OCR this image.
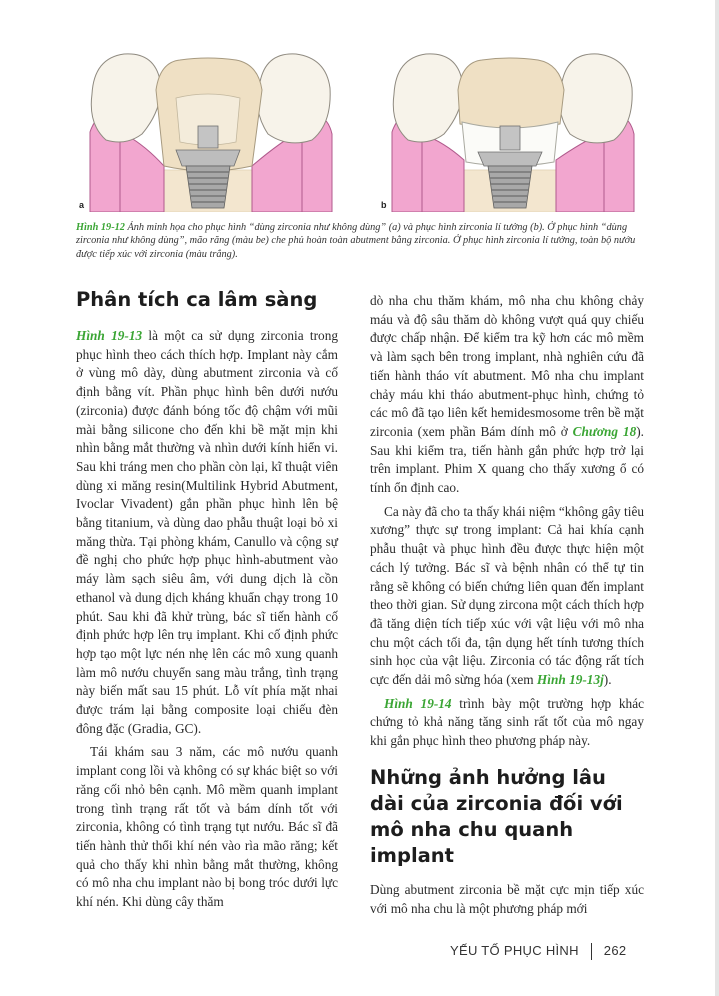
a	b

Hình 19-12 Ảnh minh họa cho phục hình “dùng zirconia như không dùng” (a) và phục hình zirconia lí tưởng (b). Ở phục hình “dùng zirconia như không dùng”, mão răng (màu be) che phủ hoàn toàn abutment bằng zirconia. Ở phục hình zirconia lí tưởng, toàn bộ nướu được tiếp xúc với zirconia (màu trắng).

Phân tích ca lâm sàng

Hình 19-13 là một ca sử dụng zirconia trong phục hình theo cách thích hợp. Implant này cắm ở vùng mô dày, dùng abutment zirconia và cố định bằng vít. Phần phục hình bên dưới nướu (zirconia) được đánh bóng tốc độ chậm với mũi mài bằng silicone cho đến khi bề mặt mịn khi nhìn bằng mắt thường và nhìn dưới kính hiển vi. Sau khi tráng men cho phần còn lại, kĩ thuật viên dùng xi măng resin(Multilink Hybrid Abutment, Ivoclar Vivadent) gắn phần phục hình lên bệ bằng titanium, và dùng dao phẫu thuật loại bỏ xi măng thừa. Tại phòng khám, Canullo và cộng sự đề nghị cho phức hợp phục hình-abutment vào máy làm sạch siêu âm, với dung dịch là cồn ethanol và dung dịch kháng khuẩn chạy trong 10 phút. Sau khi đã khử trùng, bác sĩ tiến hành cố định phức hợp lên trụ implant. Khi cố định phức hợp tạo một lực nén nhẹ lên các mô xung quanh làm mô nướu chuyển sang màu trắng, tình trạng này biến mất sau 15 phút. Lỗ vít phía mặt nhai được trám lại bằng composite loại chiếu đèn đông đặc (Gradia, GC).

Tái khám sau 3 năm, các mô nướu quanh implant cong lồi và không có sự khác biệt so với răng cối nhỏ bên cạnh. Mô mềm quanh implant trong tình trạng rất tốt và bám dính tốt với zirconia, không có tình trạng tụt nướu. Bác sĩ đã tiến hành thử thổi khí nén vào rìa mão răng; kết quả cho thấy khi nhìn bằng mắt thường, không có mô nha chu implant nào bị bong tróc dưới lực khí nén. Khi dùng cây thăm

dò nha chu thăm khám, mô nha chu không chảy máu và độ sâu thăm dò không vượt quá quy chiếu được chấp nhận. Để kiểm tra kỹ hơn các mô mềm và làm sạch bên trong implant, nhà nghiên cứu đã tiến hành tháo vít abutment. Mô nha chu implant chảy máu khi tháo abutment-phục hình, chứng tỏ các mô đã tạo liên kết hemidesmosome trên bề mặt zirconia (xem phần Bám dính mô ở Chương 18). Sau khi kiểm tra, tiến hành gắn phức hợp trở lại trên implant. Phim X quang cho thấy xương ổ có tính ổn định cao.

Ca này đã cho ta thấy khái niệm “không gây tiêu xương” thực sự trong implant: Cả hai khía cạnh phẫu thuật và phục hình đều được thực hiện một cách lý tưởng. Bác sĩ và bệnh nhân có thể tự tin rằng sẽ không có biến chứng liên quan đến implant theo thời gian. Sử dụng zircona một cách thích hợp đã tăng diện tích tiếp xúc với vật liệu với mô nha chu một cách tối đa, tận dụng hết tính tương thích sinh học của vật liệu. Zirconia có tác động rất tích cực đến dải mô sừng hóa (xem Hình 19-13j).

Hình 19-14 trình bày một trường hợp khác chứng tỏ khả năng tăng sinh rất tốt của mô ngay khi gắn phục hình theo phương pháp này.

Những ảnh hưởng lâu dài của zirconia đối với mô nha chu quanh implant

Dùng abutment zirconia bề mặt cực mịn tiếp xúc với mô nha chu là một phương pháp mới

YẾU TỐ PHỤC HÌNH 262
